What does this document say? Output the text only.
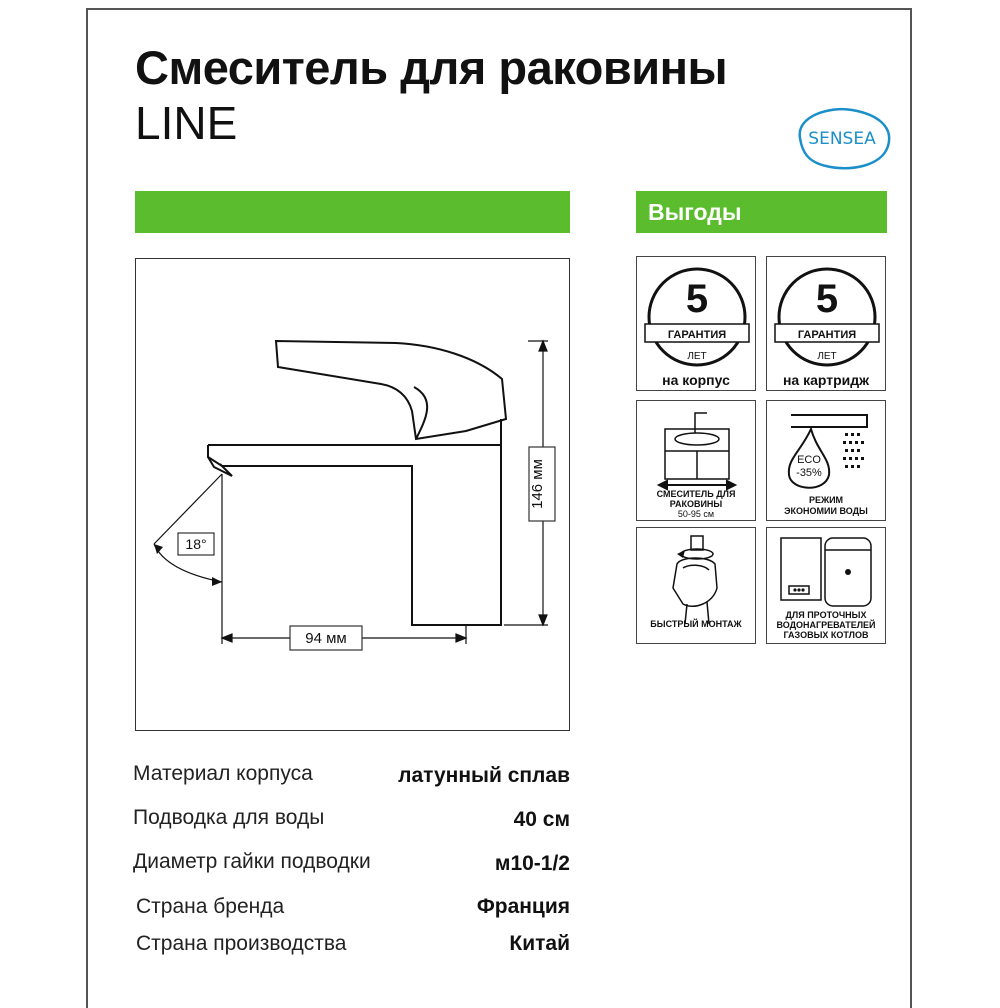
Смеситель для раковины
LINE	SENSEA
Выгоды
146 мм
94 мм
18°
5
ГАРАНТИЯ
ЛЕТ
на корпус
5
ГАРАНТИЯ
ЛЕТ
на картридж
СМЕСИТЕЛЬ ДЛЯ
РАКОВИНЫ
50-95 см
ECO
-35%
РЕЖИМ
ЭКОНОМИИ ВОДЫ
БЫСТРЫЙ МОНТАЖ
ДЛЯ ПРОТОЧНЫХ
ВОДОНАГРЕВАТЕЛЕЙ
ГАЗОВЫХ КОТЛОВ
Материал корпуса	латунный сплав
Подводка для воды	40 см
Диаметр гайки подводки	м10-1/2
Страна бренда	Франция
Страна производства	Китай
